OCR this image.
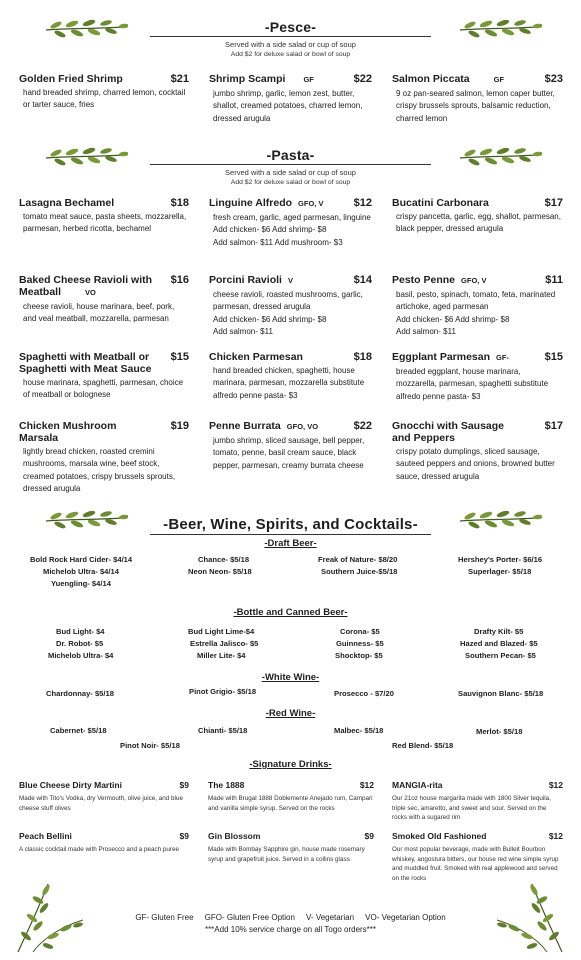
-Pesce-
Served with a side salad or cup of soup
Add $2 for deluxe salad or bowl of soup
Golden Fried Shrimp	$21
hand breaded shrimp, charred lemon, cocktail or tarter sauce, fries
Shrimp Scampi GF	$22
jumbo shrimp, garlic, lemon zest, butter, shallot, creamed potatoes, charred lemon, dressed arugula
Salmon Piccata	GF	$23
9 oz pan-seared salmon, lemon caper butter, crispy brussels sprouts, balsamic reduction, charred lemon
-Pasta-
Served with a side salad or cup of soup
Add $2 for deluxe salad or bowl of soup
Lasagna Bechamel	$18
tomato meat sauce, pasta sheets, mozzarella, parmesan, herbed ricotta, bechamel
Linguine Alfredo GFO, V	$12
fresh cream, garlic, aged parmesan, linguine
Add chicken- $6 Add shrimp- $8
Add salmon- $11 Add mushroom- $3
Bucatini Carbonara	$17
crispy pancetta, garlic, egg, shallot, parmesan, black pepper, dressed arugula
Baked Cheese Ravioli with Meatball	VO
$16
cheese ravioli, house marinara, beef, pork, and veal meatball, mozzarella, parmesan
Porcini Ravioli V	$14
cheese ravioli, roasted mushrooms, garlic, parmesan, dressed arugula
Add chicken- $6 Add shrimp- $8
Add salmon- $11
Pesto Penne GFO, V	$11
basil, pesto, spinach, tomato, feta, marinated artichoke, aged parmesan
Add chicken- $6 Add shrimp- $8
Add salmon- $11
Spaghetti with Meatball or Spaghetti with Meat Sauce
$15
house marinara, spaghetti, parmesan, choice of meatball or bolognese
Chicken Parmesan	$18
hand breaded chicken, spaghetti, house marinara, parmesan, mozzarella substitute alfredo penne pasta- $3
Eggplant Parmesan GF-	$15
breaded eggplant, house marinara, mozzarella, parmesan, spaghetti substitute alfredo penne pasta- $3
Chicken Mushroom Marsala
$19
lightly bread chicken, roasted cremini mushrooms, marsala wine, beef stock, creamed potatoes, crispy brussels sprouts, dressed arugula
Penne Burrata GFO, VO	$22
jumbo shrimp, sliced sausage, bell pepper, tomato, penne, basil cream sauce, black pepper, parmesan, creamy burrata cheese
Gnocchi with Sausage and Peppers
$17
crispy potato dumplings, sliced sausage, sauteed peppers and onions, browned butter sauce, dressed arugula
-Beer, Wine, Spirits, and Cocktails-
-Draft Beer-
Bold Rock Hard Cider- $4/14
Michelob Ultra- $4/14
Yuengling- $4/14
Chance- $5/18
Neon Neon- $5/18
Freak of Nature- $8/20
Southern Juice-$5/18
Hershey's Porter- $6/16
Superlager- $5/18
-Bottle and Canned Beer-
Bud Light- $4
Dr. Robot- $5
Michelob Ultra- $4
Bud Light Lime-$4
Estrella Jalisco- $5
Miller Lite- $4
Corona- $5
Guinness- $5
Shocktop- $5
Drafty Kilt- $5
Hazed and Blazed- $5
Southern Pecan- $5
-White Wine-
Chardonnay- $5/18	Pinot Grigio- $5/18	Prosecco - $7/20	Sauvignon Blanc- $5/18
-Red Wine-
Cabernet- $5/18	Chianti- $5/18	Malbec- $5/18	Merlot- $5/18
Pinot Noir- $5/18	Red Blend- $5/18
-Signature Drinks-
Blue Cheese Dirty Martini	$9
Made with Tito's Vodka, dry Vermouth, olive juice, and blue cheese stuff olives
The 1888	$12
Made with Brugal 1888 Doblemente Anejado rum, Campari and vanilla simple syrup. Served on the rocks
MANGIA-rita	$12
Our 21oz house margarita made with 1800 Silver tequila, triple sec, amaretto, and sweet and sour. Served on the rocks with a sugared rim
Peach Bellini	$9
A classic cocktail made with Prosecco and a peach puree
Gin Blossom	$9
Made with Bombay Sapphire gin, house made rosemary syrup and grapefruit juice. Served in a collins glass
Smoked Old Fashioned	$12
Our most popular beverage, made with Bulleit Bourbon whiskey, angostura bitters, our house red wine simple syrup and muddled fruit. Smoked with real applewood and served on the rocks
GF- Gluten Free     GFO- Gluten Free Option     V- Vegetarian     VO- Vegetarian Option
***Add 10% service charge on all Togo orders***
